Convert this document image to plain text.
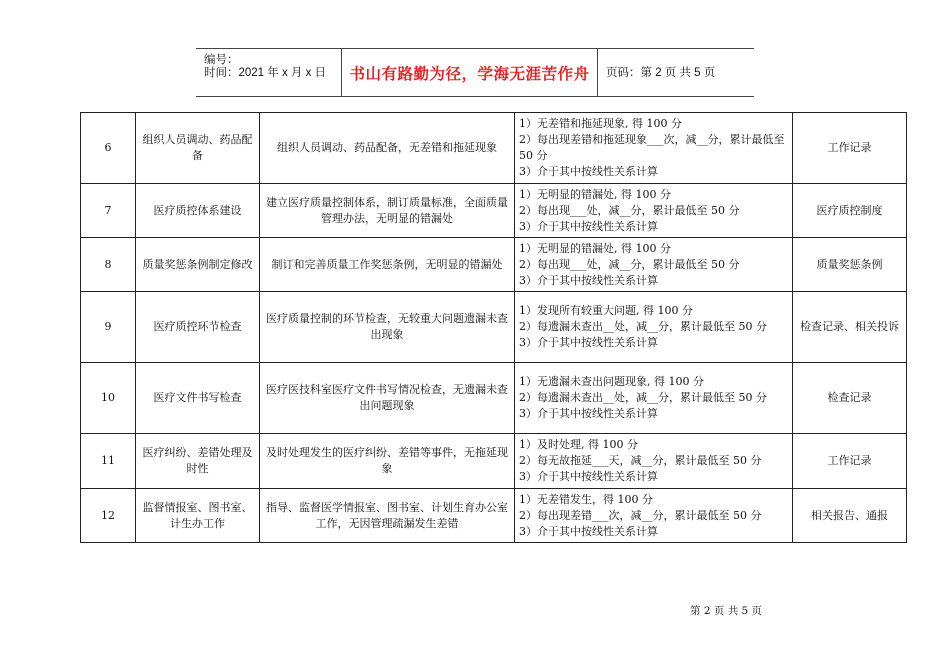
编号：
时间：2021 年 x 月 x 日 书山有路勤为径，学海无涯苦作舟 页码：第 2 页 共 5 页
6	组织人员调动、药品配备	组织人员调动、药品配备，无差错和拖延现象	1）无差错和拖延现象, 得 100 分
2）每出现差错和拖延现象___次，减__分，累计最低至 50 分
3）介于其中按线性关系计算	工作记录
7	医疗质控体系建设	建立医疗质量控制体系，制订质量标准，全面质量管理办法，无明显的错漏处	1）无明显的错漏处, 得 100 分
2）每出现___处，减__分，累计最低至 50 分
3）介于其中按线性关系计算	医疗质控制度
8	质量奖惩条例制定修改	制订和完善质量工作奖惩条例，无明显的错漏处	1）无明显的错漏处, 得 100 分
2）每出现___处，减__分，累计最低至 50 分
3）介于其中按线性关系计算	质量奖惩条例
9	医疗质控环节检查	医疗质量控制的环节检查，无较重大问题遗漏未查出现象	1）发现所有较重大问题, 得 100 分
2）每遗漏未查出__处，减__分，累计最低至 50 分
3）介于其中按线性关系计算	检查记录、相关投诉
10	医疗文件书写检查	医疗医技科室医疗文件书写情况检查，无遗漏未查出问题现象	1）无遗漏未查出问题现象, 得 100 分
2）每遗漏未查出__处，减__分，累计最低至 50 分
3）介于其中按线性关系计算	检查记录
11	医疗纠纷、差错处理及时性	及时处理发生的医疗纠纷、差错等事件，无拖延现象	1）及时处理, 得 100 分
2）每无故拖延___天，减__分，累计最低至 50 分
3）介于其中按线性关系计算	工作记录
12	监督情报室、图书室、计生办工作	指导、监督医学情报室、图书室、计划生育办公室工作，无因管理疏漏发生差错	1）无差错发生，得 100 分
2）每出现差错___次，减__分，累计最低至 50 分
3）介于其中按线性关系计算	相关报告、通报
第 2 页 共 5 页
